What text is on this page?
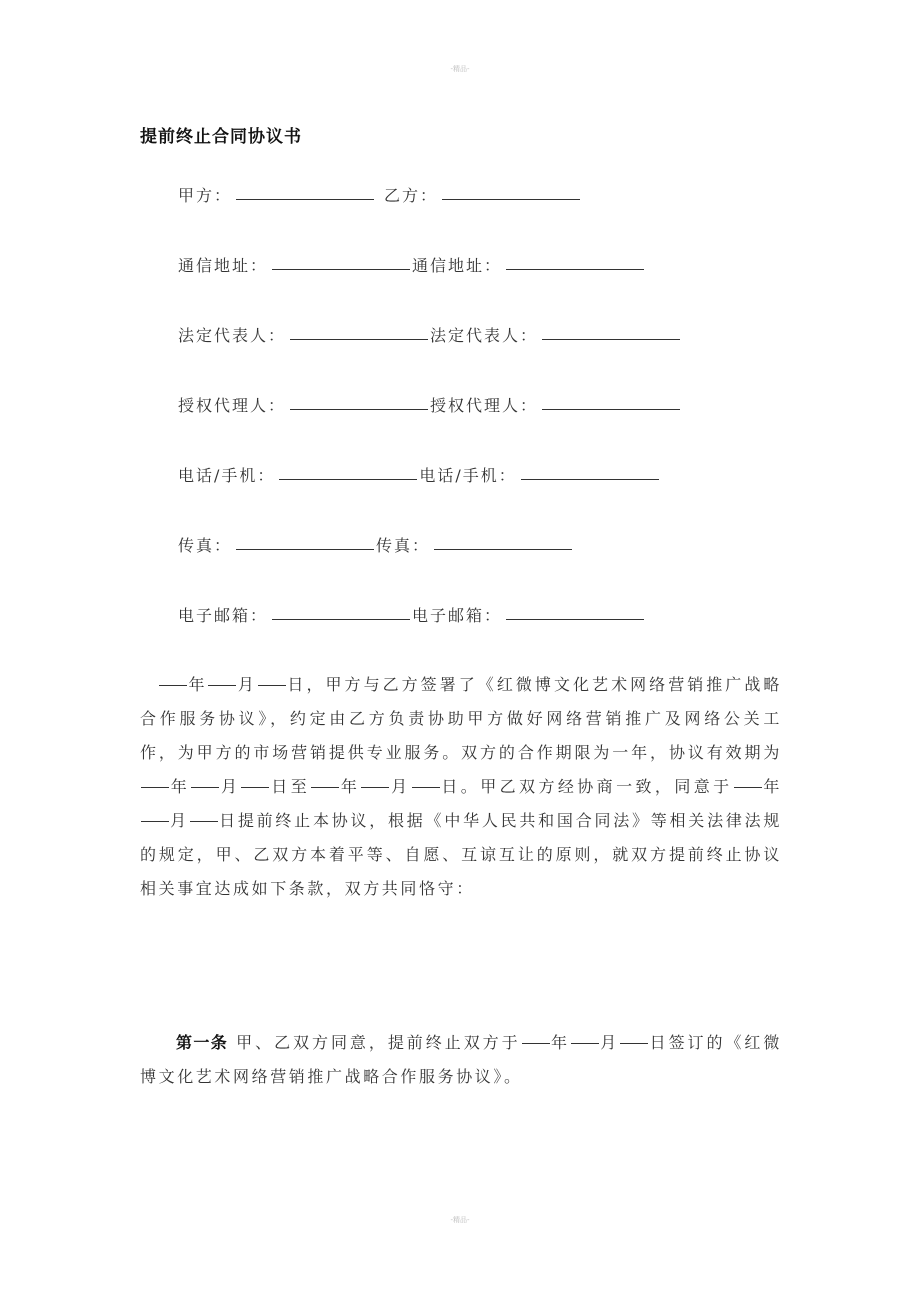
-精品-
提前终止合同协议书
甲方：	乙方：
通信地址：	通信地址：
法定代表人：	法定代表人：
授权代理人：	授权代理人：
电话/手机：	电话/手机：
传真：	传真：
电子邮箱：	电子邮箱：
年 月 日，甲方与乙方签署了《红微博文化艺术网络营销推广战略合作服务协议》，约定由乙方负责协助甲方做好网络营销推广及网络公关工作，为甲方的市场营销提供专业服务。双方的合作期限为一年，协议有效期为年 月 日至 年 月 日。甲乙双方经协商一致，同意于 年月 日提前终止本协议，根据《中华人民共和国合同法》等相关法律法规的规定，甲、乙双方本着平等、自愿、互谅互让的原则，就双方提前终止协议相关事宜达成如下条款，双方共同恪守：
第一条 甲、乙双方同意，提前终止双方于 年 月 日签订的《红微博文化艺术网络营销推广战略合作服务协议》。
-精品-
